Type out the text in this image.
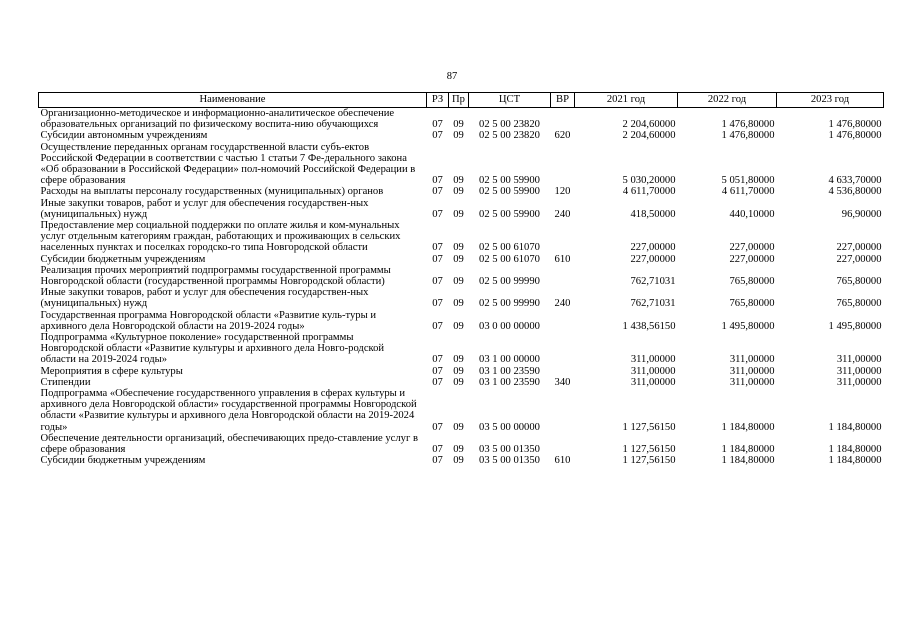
87
Наименование	РЗ	Пр	ЦСТ	ВР	2021 год	2022 год	2023 год
Организационно-методическое и информационно-аналитическое обеспечение образовательных организаций по физическому воспита-нию обучающихся	07	09	02 5 00 23820		2 204,60000	1 476,80000	1 476,80000
Субсидии автономным учреждениям	07	09	02 5 00 23820	620	2 204,60000	1 476,80000	1 476,80000
Осуществление переданных органам государственной власти субъ-ектов Российской Федерации в соответствии с частью 1 статьи 7 Фе-дерального закона «Об образовании в Российской Федерации» пол-номочий Российской Федерации в сфере образования	07	09	02 5 00 59900		5 030,20000	5 051,80000	4 633,70000
Расходы на выплаты персоналу государственных (муниципальных) органов	07	09	02 5 00 59900	120	4 611,70000	4 611,70000	4 536,80000
Иные закупки товаров, работ и услуг для обеспечения государствен-ных (муниципальных) нужд	07	09	02 5 00 59900	240	418,50000	440,10000	96,90000
Предоставление мер социальной поддержки по оплате жилья и ком-мунальных услуг отдельным категориям граждан, работающих и проживающих в сельских населенных пунктах и поселках городско-го типа Новгородской области	07	09	02 5 00 61070		227,00000	227,00000	227,00000
Субсидии бюджетным учреждениям	07	09	02 5 00 61070	610	227,00000	227,00000	227,00000
Реализация прочих мероприятий подпрограммы государственной программы Новгородской области (государственной программы Новгородской области)	07	09	02 5 00 99990		762,71031	765,80000	765,80000
Иные закупки товаров, работ и услуг для обеспечения государствен-ных (муниципальных) нужд	07	09	02 5 00 99990	240	762,71031	765,80000	765,80000
Государственная программа Новгородской области «Развитие куль-туры и архивного дела Новгородской области на 2019-2024 годы»	07	09	03 0 00 00000		1 438,56150	1 495,80000	1 495,80000
Подпрограмма «Культурное поколение» государственной программы Новгородской области «Развитие культуры и архивного дела Новго-родской области на 2019-2024 годы»	07	09	03 1 00 00000		311,00000	311,00000	311,00000
Мероприятия в сфере культуры	07	09	03 1 00 23590		311,00000	311,00000	311,00000
Стипендии	07	09	03 1 00 23590	340	311,00000	311,00000	311,00000
Подпрограмма «Обеспечение государственного управления в сферах культуры и архивного дела Новгородской области» государственной программы Новгородской области «Развитие культуры и архивного дела Новгородской области на 2019-2024 годы»	07	09	03 5 00 00000		1 127,56150	1 184,80000	1 184,80000
Обеспечение деятельности организаций, обеспечивающих предо-ставление услуг в сфере образования	07	09	03 5 00 01350		1 127,56150	1 184,80000	1 184,80000
Субсидии бюджетным учреждениям	07	09	03 5 00 01350	610	1 127,56150	1 184,80000	1 184,80000
